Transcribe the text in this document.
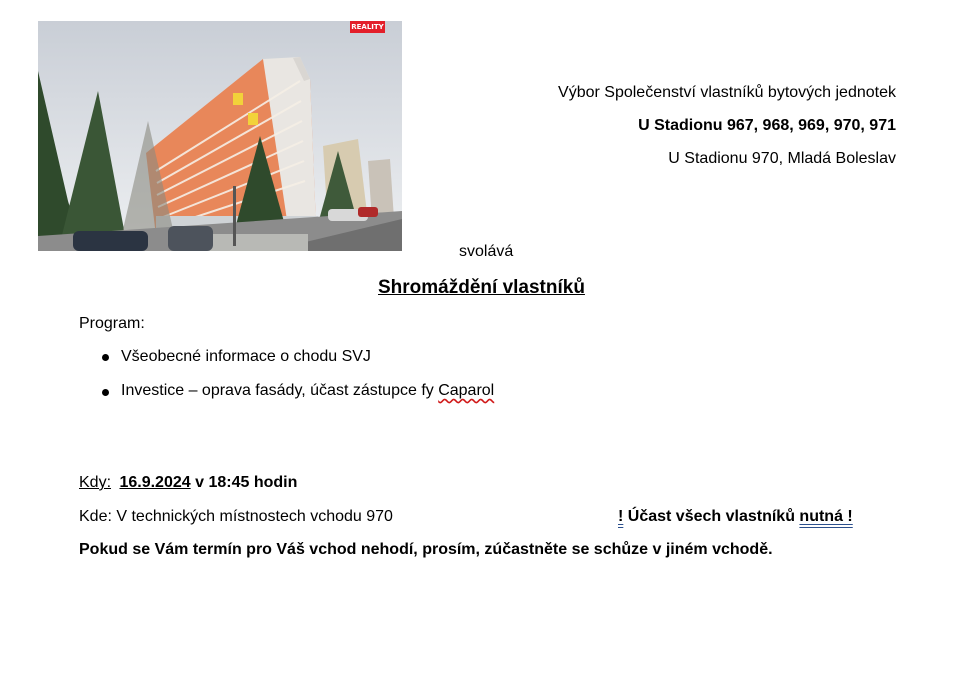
REALITY
Výbor Společenství vlastníků bytových jednotek
U Stadionu 967, 968, 969, 970, 971
U Stadionu 970, Mladá Boleslav
svolává
Shromáždění vlastníků
Program:
Všeobecné informace o chodu SVJ
Investice – oprava fasády, účast zástupce fy Caparol
Kdy: 16.9.2024 v 18:45 hodin
Kde: V technických místnostech vchodu 970	! Účast všech vlastníků nutná !
Pokud se Vám termín pro Váš vchod nehodí, prosím, zúčastněte se schůze v jiném vchodě.
